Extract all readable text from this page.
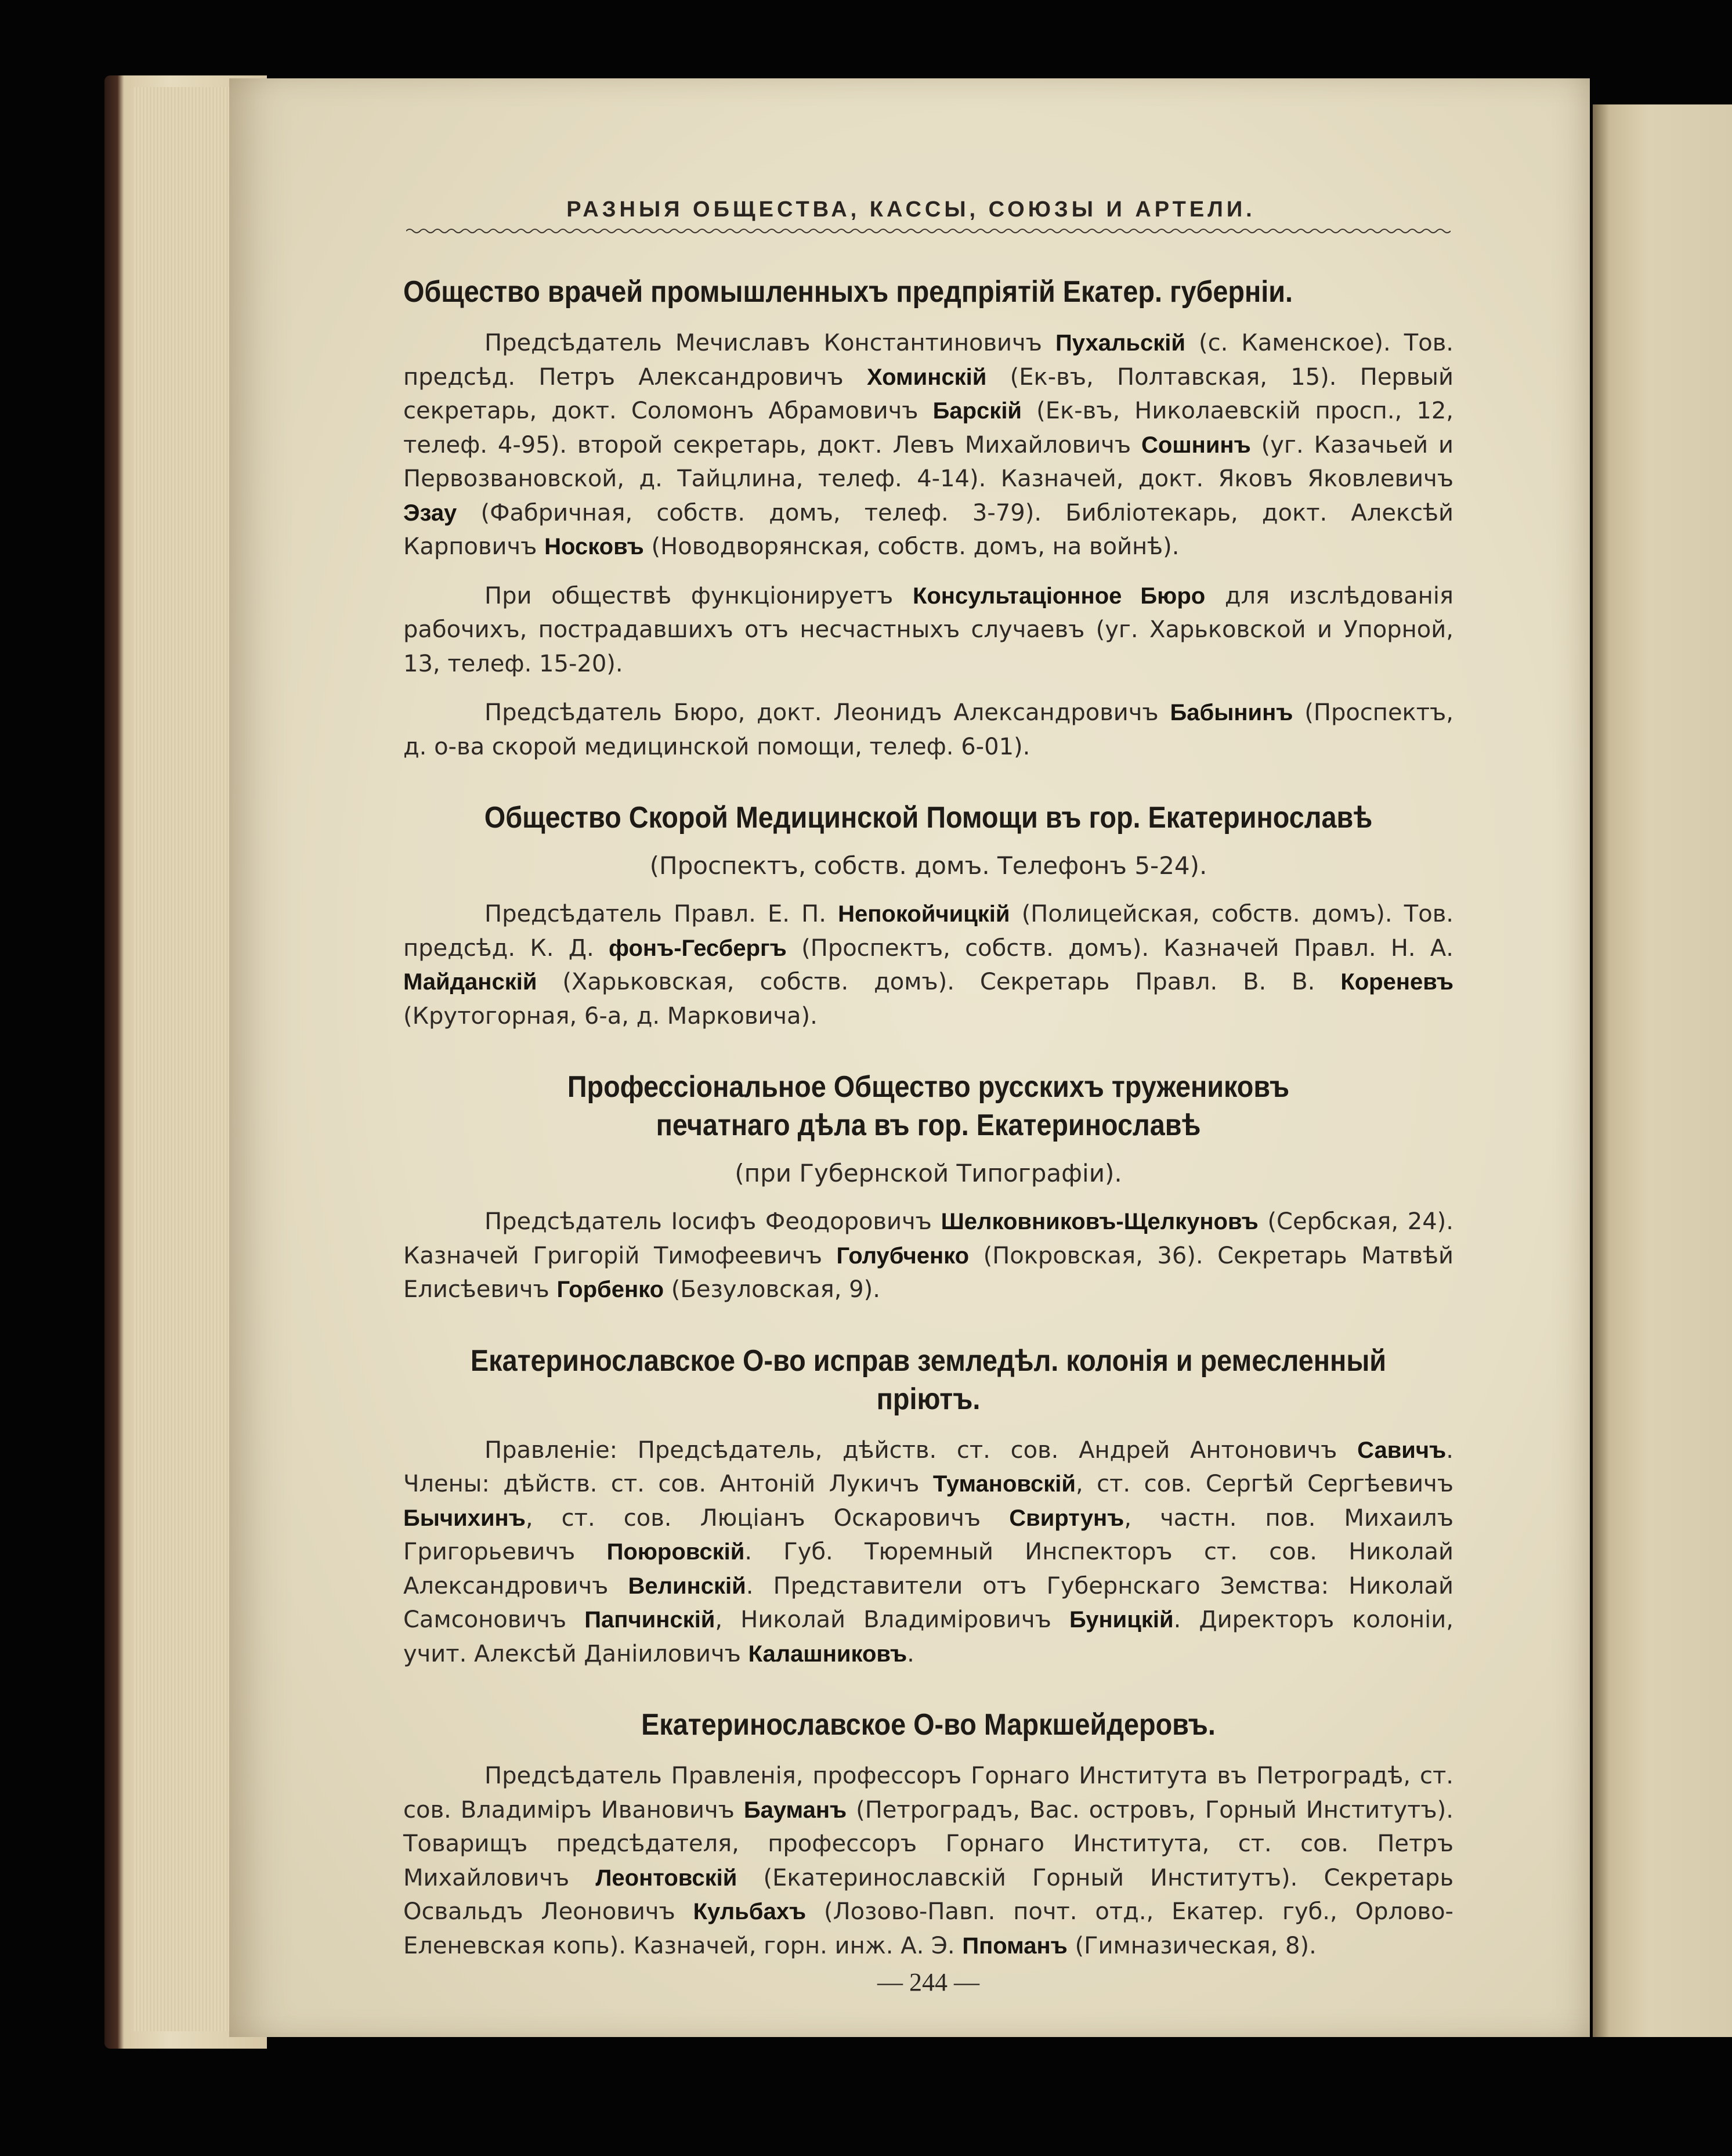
РАЗНЫЯ ОБЩЕСТВА, КАССЫ, СОЮЗЫ И АРТЕЛИ.
Общество врачей промышленныхъ предпріятій Екатер. губерніи.

Предсѣдатель Мечиславъ Константиновичъ Пухальскій (с. Каменское). Тов. предсѣд. Петръ Александровичъ Хоминскій (Ек-въ, Полтавская, 15). Первый секретарь, докт. Соломонъ Абрамовичъ Барскій (Ек-въ, Николаевскій просп., 12, телеф. 4-95). второй секретарь, докт. Левъ Михайловичъ Сошнинъ (уг. Казачьей и Первозвановской, д. Тайцлина, телеф. 4-14). Казначей, докт. Яковъ Яковлевичъ Эзау (Фабричная, собств. домъ, телеф. 3-79). Библіотекарь, докт. Алексѣй Карповичъ Носковъ (Новодворянская, собств. домъ, на войнѣ).

При обществѣ функціонируетъ Консультаціонное Бюро для изслѣдованія рабочихъ, пострадавшихъ отъ несчастныхъ случаевъ (уг. Харьковской и Упорной, 13, телеф. 15-20).

Предсѣдатель Бюро, докт. Леонидъ Александровичъ Бабынинъ (Проспектъ, д. о-ва скорой медицинской помощи, телеф. 6-01).

Общество Скорой Медицинской Помощи въ гор. Екатеринославѣ
(Проспектъ, собств. домъ. Телефонъ 5-24).

Предсѣдатель Правл. Е. П. Непокойчицкій (Полицейская, собств. домъ). Тов. предсѣд. К. Д. фонъ-Гесбергъ (Проспектъ, собств. домъ). Казначей Правл. Н. А. Майданскій (Харьковская, собств. домъ). Секретарь Правл. В. В. Кореневъ (Крутогорная, 6-а, д. Марковича).

Професcіональное Общество русскихъ тружениковъ печатнаго дѣла въ гор. Екатеринославѣ
(при Губернской Типографіи).

Предсѣдатель Іосифъ Феодоровичъ Шелковниковъ-Щелкуновъ (Сербская, 24). Казначей Григорій Тимофеевичъ Голубченко (Покровская, 36). Секретарь Матвѣй Елисѣевичъ Горбенко (Безуловская, 9).

Екатеринославское О-во исправ земледѣл. колонія и ремесленный пріютъ.

Правленіе: Предсѣдатель, дѣйств. ст. сов. Андрей Антоновичъ Савичъ. Члены: дѣйств. ст. сов. Антоній Лукичъ Тумановскій, ст. сов. Сергѣй Сергѣевичъ Бычихинъ, ст. сов. Люціанъ Оскаровичъ Свиртунъ, частн. пов. Михаилъ Григорьевичъ Поюровскій. Губ. Тюремный Инспекторъ ст. сов. Николай Александровичъ Велинскій. Представители отъ Губернскаго Земства: Николай Самсоновичъ Папчинскій, Николай Владиміровичъ Буницкій. Директоръ колоніи, учит. Алексѣй Даніиловичъ Калашниковъ.

Екатеринославское О-во Маркшейдеровъ.

Предсѣдатель Правленія, профессоръ Горнаго Института въ Петроградѣ, ст. сов. Владиміръ Ивановичъ Бауманъ (Петроградъ, Вас. островъ, Горный Институтъ). Товарищъ предсѣдателя, профессоръ Горнаго Института, ст. сов. Петръ Михайловичъ Леонтовскій (Екатеринославскій Горный Институтъ). Секретарь Освальдъ Леоновичъ Кульбахъ (Лозово-Павп. почт. отд., Екатер. губ., Орлово-Еленевская копь). Казначей, горн. инж. А. Э. Ппоманъ (Гимназическая, 8).

— 244 —
